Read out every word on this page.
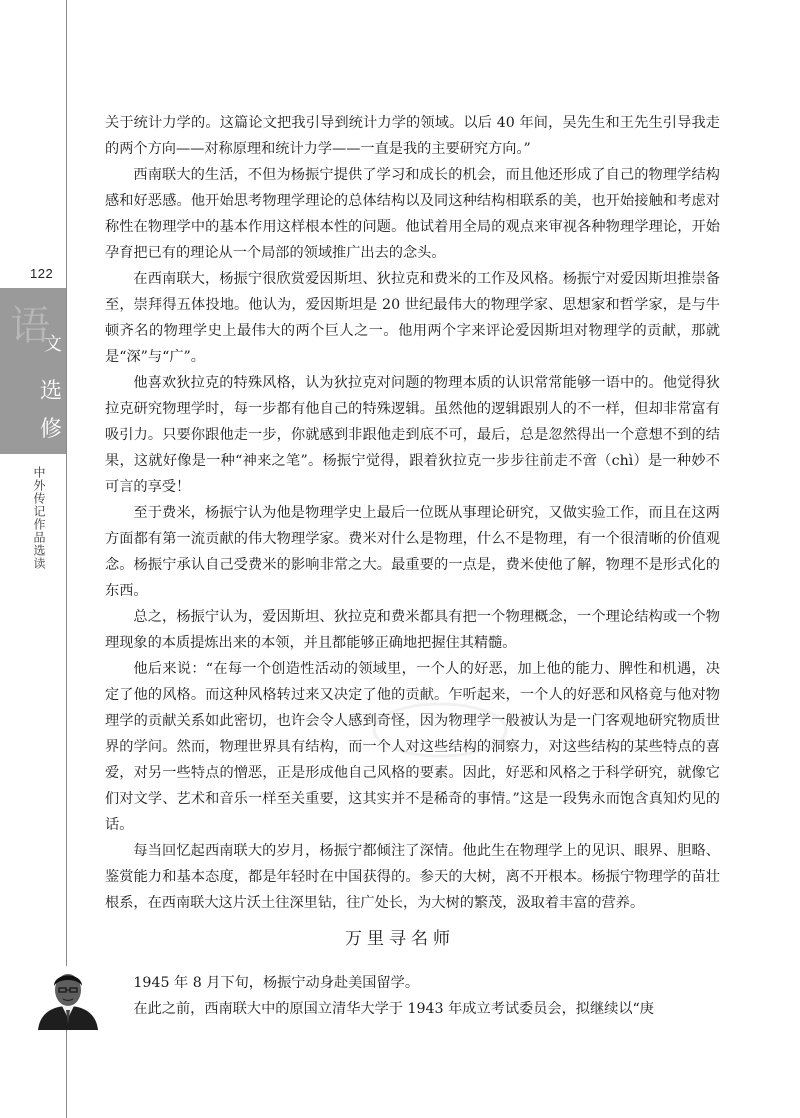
122
语
文
选
修
中外传记作品选读

关于统计力学的。这篇论文把我引导到统计力学的领域。以后 40 年间，吴先生和王先生引导我走的两个方向——对称原理和统计力学——一直是我的主要研究方向。”

西南联大的生活，不但为杨振宁提供了学习和成长的机会，而且他还形成了自己的物理学结构感和好恶感。他开始思考物理学理论的总体结构以及同这种结构相联系的美，也开始接触和考虑对称性在物理学中的基本作用这样根本性的问题。他试着用全局的观点来审视各种物理学理论，开始孕育把已有的理论从一个局部的领域推广出去的念头。

在西南联大，杨振宁很欣赏爱因斯坦、狄拉克和费米的工作及风格。杨振宁对爱因斯坦推崇备至，崇拜得五体投地。他认为，爱因斯坦是 20 世纪最伟大的物理学家、思想家和哲学家，是与牛顿齐名的物理学史上最伟大的两个巨人之一。他用两个字来评论爱因斯坦对物理学的贡献，那就是“深”与“广”。

他喜欢狄拉克的特殊风格，认为狄拉克对问题的物理本质的认识常常能够一语中的。他觉得狄拉克研究物理学时，每一步都有他自己的特殊逻辑。虽然他的逻辑跟别人的不一样，但却非常富有吸引力。只要你跟他走一步，你就感到非跟他走到底不可，最后，总是忽然得出一个意想不到的结果，这就好像是一种“神来之笔”。杨振宁觉得，跟着狄拉克一步步往前走不啻（chì）是一种妙不可言的享受！

至于费米，杨振宁认为他是物理学史上最后一位既从事理论研究，又做实验工作，而且在这两方面都有第一流贡献的伟大物理学家。费米对什么是物理，什么不是物理，有一个很清晰的价值观念。杨振宁承认自己受费米的影响非常之大。最重要的一点是，费米使他了解，物理不是形式化的东西。

总之，杨振宁认为，爱因斯坦、狄拉克和费米都具有把一个物理概念，一个理论结构或一个物理现象的本质提炼出来的本领，并且都能够正确地把握住其精髓。

他后来说：“在每一个创造性活动的领域里，一个人的好恶，加上他的能力、脾性和机遇，决定了他的风格。而这种风格转过来又决定了他的贡献。乍听起来，一个人的好恶和风格竟与他对物理学的贡献关系如此密切，也许会令人感到奇怪，因为物理学一般被认为是一门客观地研究物质世界的学问。然而，物理世界具有结构，而一个人对这些结构的洞察力，对这些结构的某些特点的喜爱，对另一些特点的憎恶，正是形成他自己风格的要素。因此，好恶和风格之于科学研究，就像它们对文学、艺术和音乐一样至关重要，这其实并不是稀奇的事情。”这是一段隽永而饱含真知灼见的话。

每当回忆起西南联大的岁月，杨振宁都倾注了深情。他此生在物理学上的见识、眼界、胆略、鉴赏能力和基本态度，都是年轻时在中国获得的。参天的大树，离不开根本。杨振宁物理学的苗壮根系，在西南联大这片沃土往深里钻，往广处长，为大树的繁茂，汲取着丰富的营养。

万里寻名师

1945 年 8 月下旬，杨振宁动身赴美国留学。

在此之前，西南联大中的原国立清华大学于 1943 年成立考试委员会，拟继续以“庚
